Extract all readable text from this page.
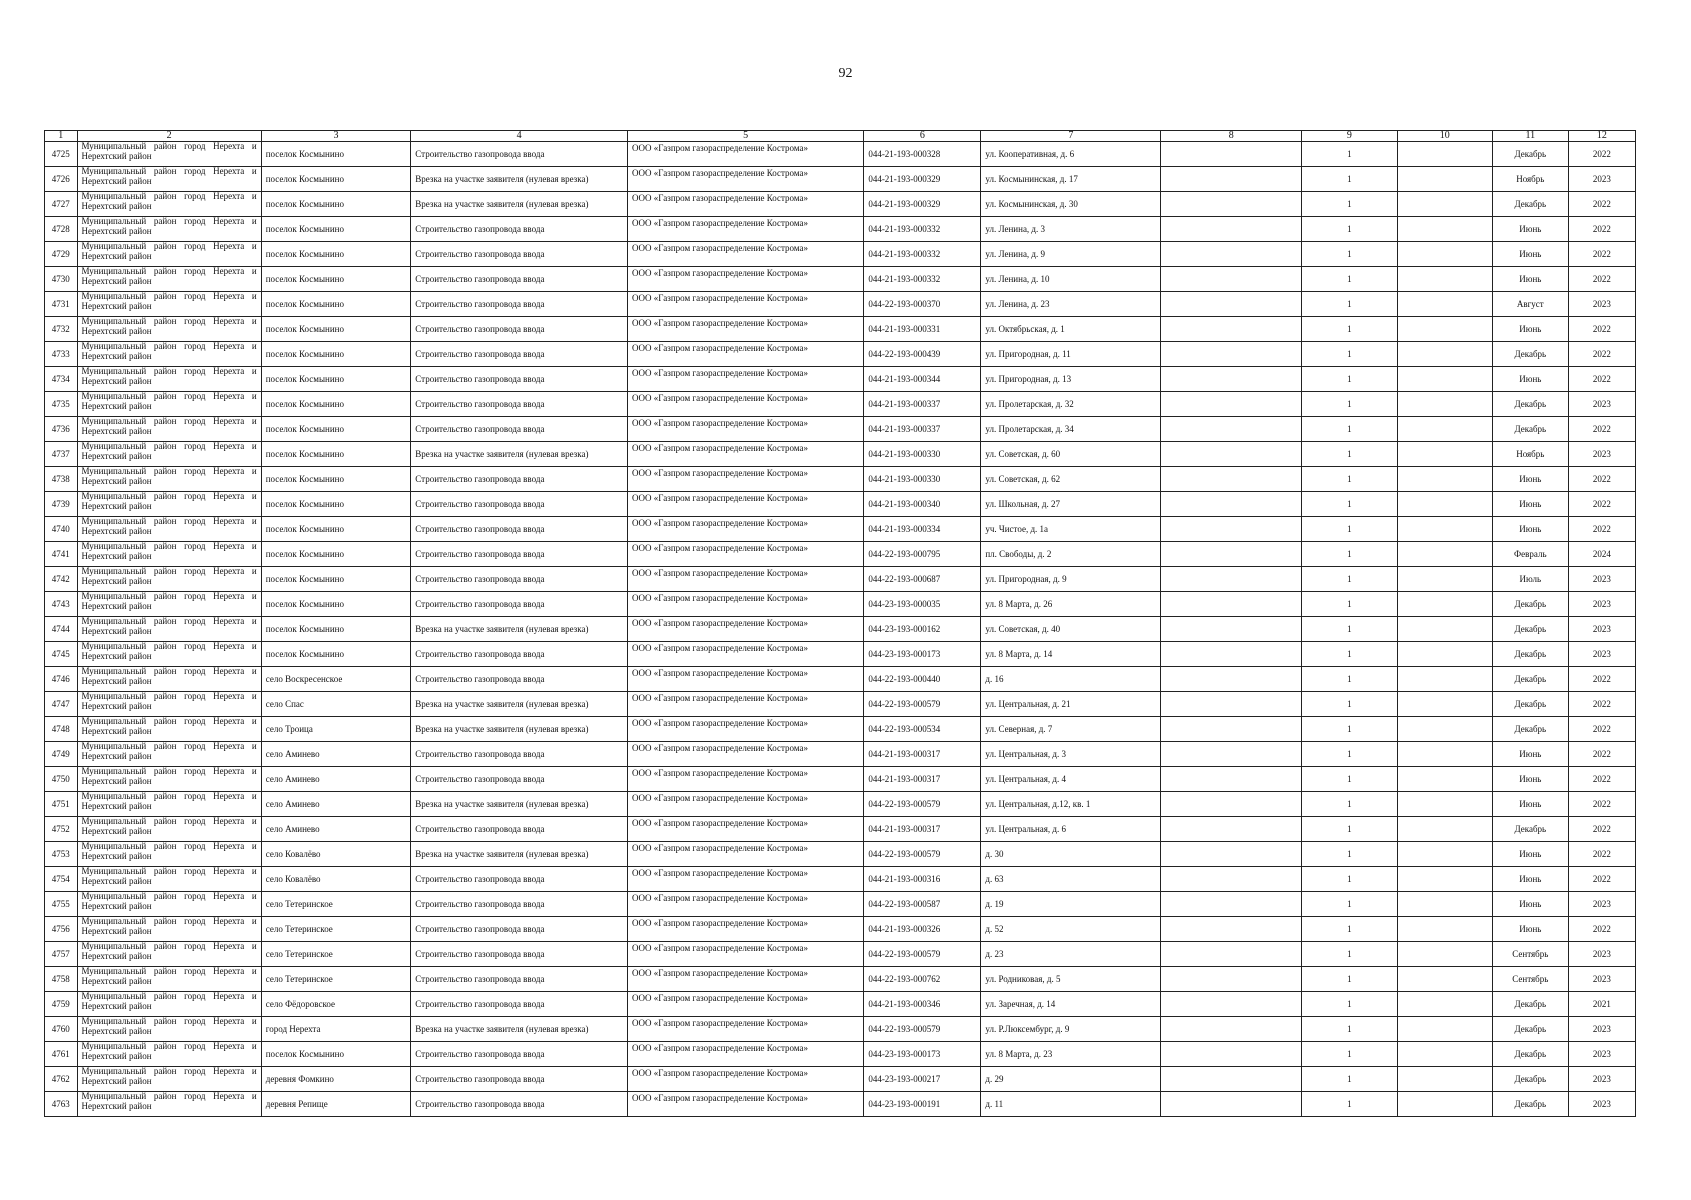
92
1	2	3	4	5	6	7	8	9	10	11	12
4725	Муниципальный район город Нерехта и Нерехтский район	поселок Космынино	Строительство газопровода ввода	ООО «Газпром газораспределение Кострома»	044-21-193-000328	ул. Кооперативная, д. 6		1		Декабрь	2022
4726	Муниципальный район город Нерехта и Нерехтский район	поселок Космынино	Врезка на участке заявителя (нулевая врезка)	ООО «Газпром газораспределение Кострома»	044-21-193-000329	ул. Космынинская, д. 17		1		Ноябрь	2023
4727	Муниципальный район город Нерехта и Нерехтский район	поселок Космынино	Врезка на участке заявителя (нулевая врезка)	ООО «Газпром газораспределение Кострома»	044-21-193-000329	ул. Космынинская, д. 30		1		Декабрь	2022
4728	Муниципальный район город Нерехта и Нерехтский район	поселок Космынино	Строительство газопровода ввода	ООО «Газпром газораспределение Кострома»	044-21-193-000332	ул. Ленина, д. 3		1		Июнь	2022
4729	Муниципальный район город Нерехта и Нерехтский район	поселок Космынино	Строительство газопровода ввода	ООО «Газпром газораспределение Кострома»	044-21-193-000332	ул. Ленина, д. 9		1		Июнь	2022
4730	Муниципальный район город Нерехта и Нерехтский район	поселок Космынино	Строительство газопровода ввода	ООО «Газпром газораспределение Кострома»	044-21-193-000332	ул. Ленина, д. 10		1		Июнь	2022
4731	Муниципальный район город Нерехта и Нерехтский район	поселок Космынино	Строительство газопровода ввода	ООО «Газпром газораспределение Кострома»	044-22-193-000370	ул. Ленина, д. 23		1		Август	2023
4732	Муниципальный район город Нерехта и Нерехтский район	поселок Космынино	Строительство газопровода ввода	ООО «Газпром газораспределение Кострома»	044-21-193-000331	ул. Октябрьская, д. 1		1		Июнь	2022
4733	Муниципальный район город Нерехта и Нерехтский район	поселок Космынино	Строительство газопровода ввода	ООО «Газпром газораспределение Кострома»	044-22-193-000439	ул. Пригородная, д. 11		1		Декабрь	2022
4734	Муниципальный район город Нерехта и Нерехтский район	поселок Космынино	Строительство газопровода ввода	ООО «Газпром газораспределение Кострома»	044-21-193-000344	ул. Пригородная, д. 13		1		Июнь	2022
4735	Муниципальный район город Нерехта и Нерехтский район	поселок Космынино	Строительство газопровода ввода	ООО «Газпром газораспределение Кострома»	044-21-193-000337	ул. Пролетарская, д. 32		1		Декабрь	2023
4736	Муниципальный район город Нерехта и Нерехтский район	поселок Космынино	Строительство газопровода ввода	ООО «Газпром газораспределение Кострома»	044-21-193-000337	ул. Пролетарская, д. 34		1		Декабрь	2022
4737	Муниципальный район город Нерехта и Нерехтский район	поселок Космынино	Врезка на участке заявителя (нулевая врезка)	ООО «Газпром газораспределение Кострома»	044-21-193-000330	ул. Советская, д. 60		1		Ноябрь	2023
4738	Муниципальный район город Нерехта и Нерехтский район	поселок Космынино	Строительство газопровода ввода	ООО «Газпром газораспределение Кострома»	044-21-193-000330	ул. Советская, д. 62		1		Июнь	2022
4739	Муниципальный район город Нерехта и Нерехтский район	поселок Космынино	Строительство газопровода ввода	ООО «Газпром газораспределение Кострома»	044-21-193-000340	ул. Школьная, д. 27		1		Июнь	2022
4740	Муниципальный район город Нерехта и Нерехтский район	поселок Космынино	Строительство газопровода ввода	ООО «Газпром газораспределение Кострома»	044-21-193-000334	уч. Чистое, д. 1а		1		Июнь	2022
4741	Муниципальный район город Нерехта и Нерехтский район	поселок Космынино	Строительство газопровода ввода	ООО «Газпром газораспределение Кострома»	044-22-193-000795	пл. Свободы, д. 2		1		Февраль	2024
4742	Муниципальный район город Нерехта и Нерехтский район	поселок Космынино	Строительство газопровода ввода	ООО «Газпром газораспределение Кострома»	044-22-193-000687	ул. Пригородная, д. 9		1		Июль	2023
4743	Муниципальный район город Нерехта и Нерехтский район	поселок Космынино	Строительство газопровода ввода	ООО «Газпром газораспределение Кострома»	044-23-193-000035	ул. 8 Марта, д. 26		1		Декабрь	2023
4744	Муниципальный район город Нерехта и Нерехтский район	поселок Космынино	Врезка на участке заявителя (нулевая врезка)	ООО «Газпром газораспределение Кострома»	044-23-193-000162	ул. Советская, д. 40		1		Декабрь	2023
4745	Муниципальный район город Нерехта и Нерехтский район	поселок Космынино	Строительство газопровода ввода	ООО «Газпром газораспределение Кострома»	044-23-193-000173	ул. 8 Марта, д. 14		1		Декабрь	2023
4746	Муниципальный район город Нерехта и Нерехтский район	село Воскресенское	Строительство газопровода ввода	ООО «Газпром газораспределение Кострома»	044-22-193-000440	д. 16		1		Декабрь	2022
4747	Муниципальный район город Нерехта и Нерехтский район	село Спас	Врезка на участке заявителя (нулевая врезка)	ООО «Газпром газораспределение Кострома»	044-22-193-000579	ул. Центральная, д. 21		1		Декабрь	2022
4748	Муниципальный район город Нерехта и Нерехтский район	село Троица	Врезка на участке заявителя (нулевая врезка)	ООО «Газпром газораспределение Кострома»	044-22-193-000534	ул. Северная, д. 7		1		Декабрь	2022
4749	Муниципальный район город Нерехта и Нерехтский район	село Аминево	Строительство газопровода ввода	ООО «Газпром газораспределение Кострома»	044-21-193-000317	ул. Центральная, д. 3		1		Июнь	2022
4750	Муниципальный район город Нерехта и Нерехтский район	село Аминево	Строительство газопровода ввода	ООО «Газпром газораспределение Кострома»	044-21-193-000317	ул. Центральная, д. 4		1		Июнь	2022
4751	Муниципальный район город Нерехта и Нерехтский район	село Аминево	Врезка на участке заявителя (нулевая врезка)	ООО «Газпром газораспределение Кострома»	044-22-193-000579	ул. Центральная, д.12, кв. 1		1		Июнь	2022
4752	Муниципальный район город Нерехта и Нерехтский район	село Аминево	Строительство газопровода ввода	ООО «Газпром газораспределение Кострома»	044-21-193-000317	ул. Центральная, д. 6		1		Декабрь	2022
4753	Муниципальный район город Нерехта и Нерехтский район	село Ковалёво	Врезка на участке заявителя (нулевая врезка)	ООО «Газпром газораспределение Кострома»	044-22-193-000579	д. 30		1		Июнь	2022
4754	Муниципальный район город Нерехта и Нерехтский район	село Ковалёво	Строительство газопровода ввода	ООО «Газпром газораспределение Кострома»	044-21-193-000316	д. 63		1		Июнь	2022
4755	Муниципальный район город Нерехта и Нерехтский район	село Тетеринское	Строительство газопровода ввода	ООО «Газпром газораспределение Кострома»	044-22-193-000587	д. 19		1		Июнь	2023
4756	Муниципальный район город Нерехта и Нерехтский район	село Тетеринское	Строительство газопровода ввода	ООО «Газпром газораспределение Кострома»	044-21-193-000326	д. 52		1		Июнь	2022
4757	Муниципальный район город Нерехта и Нерехтский район	село Тетеринское	Строительство газопровода ввода	ООО «Газпром газораспределение Кострома»	044-22-193-000579	д. 23		1		Сентябрь	2023
4758	Муниципальный район город Нерехта и Нерехтский район	село Тетеринское	Строительство газопровода ввода	ООО «Газпром газораспределение Кострома»	044-22-193-000762	ул. Родниковая, д. 5		1		Сентябрь	2023
4759	Муниципальный район город Нерехта и Нерехтский район	село Фёдоровское	Строительство газопровода ввода	ООО «Газпром газораспределение Кострома»	044-21-193-000346	ул. Заречная, д. 14		1		Декабрь	2021
4760	Муниципальный район город Нерехта и Нерехтский район	город Нерехта	Врезка на участке заявителя (нулевая врезка)	ООО «Газпром газораспределение Кострома»	044-22-193-000579	ул. Р.Люксембург, д. 9		1		Декабрь	2023
4761	Муниципальный район город Нерехта и Нерехтский район	поселок Космынино	Строительство газопровода ввода	ООО «Газпром газораспределение Кострома»	044-23-193-000173	ул. 8 Марта, д. 23		1		Декабрь	2023
4762	Муниципальный район город Нерехта и Нерехтский район	деревня Фомкино	Строительство газопровода ввода	ООО «Газпром газораспределение Кострома»	044-23-193-000217	д. 29		1		Декабрь	2023
4763	Муниципальный район город Нерехта и Нерехтский район	деревня Репище	Строительство газопровода ввода	ООО «Газпром газораспределение Кострома»	044-23-193-000191	д. 11		1		Декабрь	2023
